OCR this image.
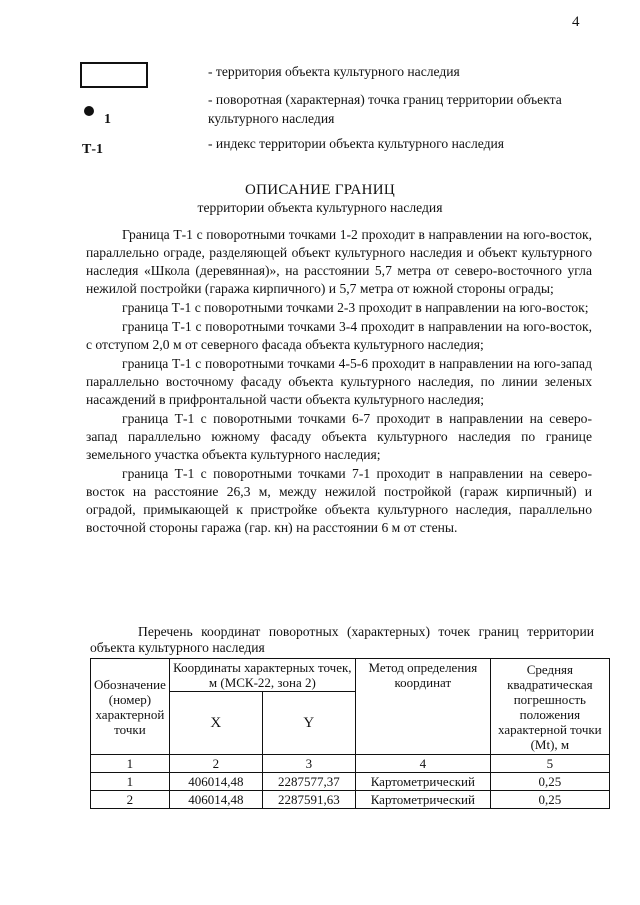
4
- территория объекта культурного наследия
1
- поворотная (характерная) точка границ территории объекта культурного наследия
Т-1	- индекс территории объекта культурного наследия
ОПИСАНИЕ ГРАНИЦ
территории объекта культурного наследия

Граница Т-1 с поворотными точками 1-2 проходит в направлении на юго-восток, параллельно ограде, разделяющей объект культурного наследия и объект культурного наследия «Школа (деревянная)», на расстоянии 5,7 метра от северо-восточного угла нежилой постройки (гаража кирпичного) и 5,7 метра от южной стороны ограды;

граница Т-1 с поворотными точками 2-3 проходит в направлении на юго-восток;

граница Т-1 с поворотными точками 3-4 проходит в направлении на юго-восток, с отступом 2,0 м от северного фасада объекта культурного наследия;

граница Т-1 с поворотными точками 4-5-6 проходит в направлении на юго-запад параллельно восточному фасаду объекта культурного наследия, по линии зеленых насаждений в прифронтальной части объекта культурного наследия;

граница Т-1 с поворотными точками 6-7 проходит в направлении на северо-запад параллельно южному фасаду объекта культурного наследия по границе земельного участка объекта культурного наследия;

граница Т-1 с поворотными точками 7-1 проходит в направлении на северо-восток на расстояние 26,3 м, между нежилой постройкой (гараж кирпичный) и оградой, примыкающей к пристройке объекта культурного наследия, параллельно восточной стороны гаража (гар. кн) на расстоянии 6 м от стены.

Перечень координат поворотных (характерных) точек границ территории объекта культурного наследия
Обозначение (номер) характерной точки	Координаты характерных точек, м (МСК-22, зона 2)		Метод определения координат	Средняя квадратическая погрешность положения характерной точки (Mt), м
	X	Y		
1	2	3	4	5
1	406014,48	2287577,37	Картометрический	0,25
2	406014,48	2287591,63	Картометрический	0,25
